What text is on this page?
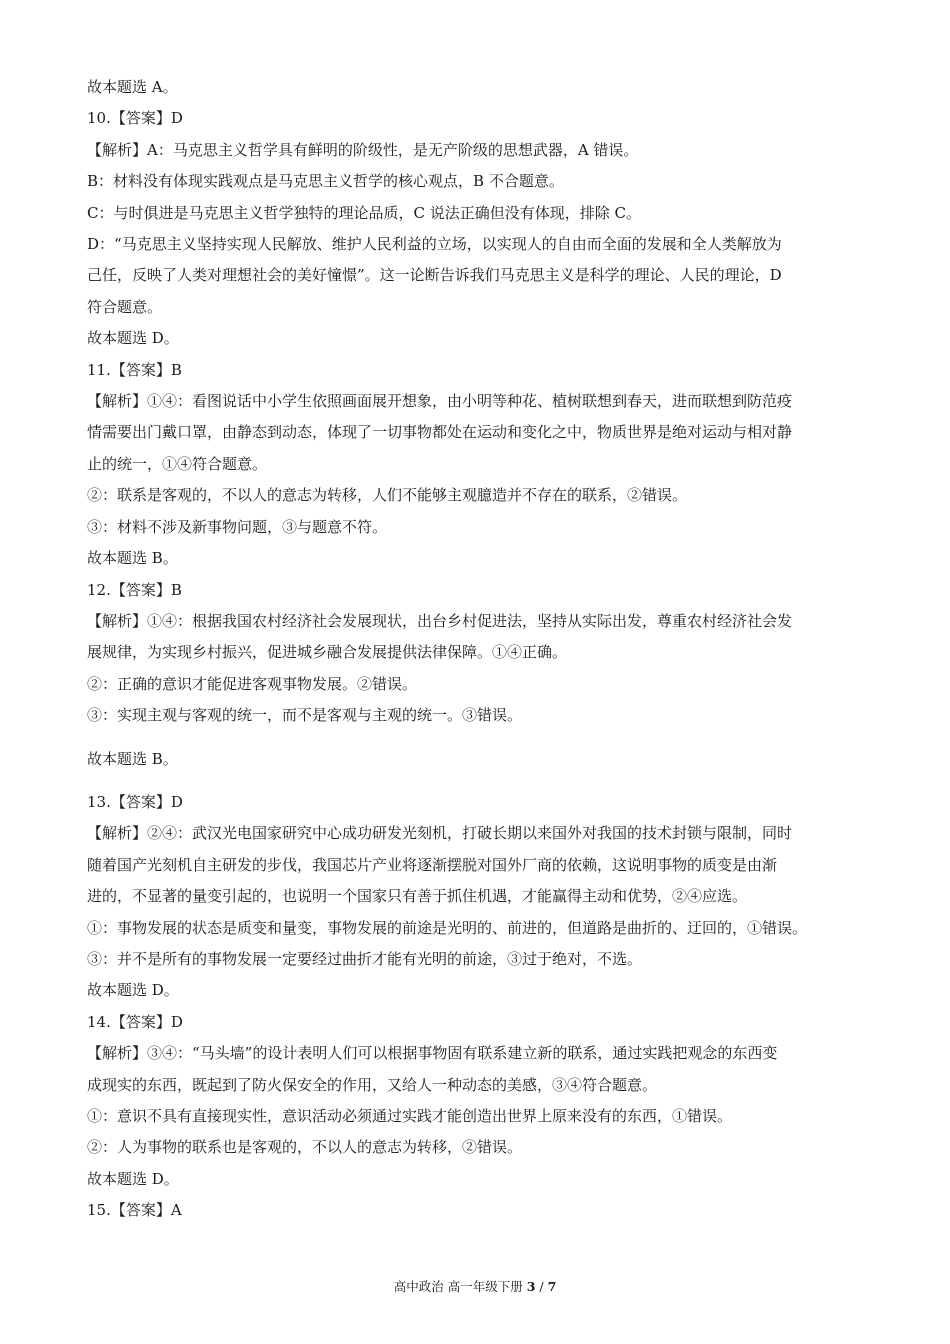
故本题选 A。

10.【答案】D

【解析】A：马克思主义哲学具有鲜明的阶级性，是无产阶级的思想武器，A 错误。

B：材料没有体现实践观点是马克思主义哲学的核心观点，B 不合题意。

C：与时俱进是马克思主义哲学独特的理论品质，C 说法正确但没有体现，排除 C。

D：“马克思主义坚持实现人民解放、维护人民利益的立场，以实现人的自由而全面的发展和全人类解放为

己任，反映了人类对理想社会的美好憧憬”。这一论断告诉我们马克思主义是科学的理论、人民的理论，D

符合题意。

故本题选 D。

11.【答案】B

【解析】①④：看图说话中小学生依照画面展开想象，由小明等种花、植树联想到春天，进而联想到防范疫

情需要出门戴口罩，由静态到动态，体现了一切事物都处在运动和变化之中，物质世界是绝对运动与相对静

止的统一，①④符合题意。

②：联系是客观的，不以人的意志为转移，人们不能够主观臆造并不存在的联系，②错误。

③：材料不涉及新事物问题，③与题意不符。

故本题选 B。

12.【答案】B

【解析】①④：根据我国农村经济社会发展现状，出台乡村促进法，坚持从实际出发，尊重农村经济社会发

展规律，为实现乡村振兴，促进城乡融合发展提供法律保障。①④正确。

②：正确的意识才能促进客观事物发展。②错误。

③：实现主观与客观的统一，而不是客观与主观的统一。③错误。

故本题选 B。

13.【答案】D

【解析】②④：武汉光电国家研究中心成功研发光刻机，打破长期以来国外对我国的技术封锁与限制，同时

随着国产光刻机自主研发的步伐，我国芯片产业将逐渐摆脱对国外厂商的依赖，这说明事物的质变是由渐

进的，不显著的量变引起的，也说明一个国家只有善于抓住机遇，才能赢得主动和优势，②④应选。

①：事物发展的状态是质变和量变，事物发展的前途是光明的、前进的，但道路是曲折的、迂回的，①错误。

③：并不是所有的事物发展一定要经过曲折才能有光明的前途，③过于绝对，不选。

故本题选 D。

14.【答案】D

【解析】③④：“马头墙”的设计表明人们可以根据事物固有联系建立新的联系，通过实践把观念的东西变

成现实的东西，既起到了防火保安全的作用，又给人一种动态的美感，③④符合题意。

①：意识不具有直接现实性，意识活动必须通过实践才能创造出世界上原来没有的东西，①错误。

②：人为事物的联系也是客观的，不以人的意志为转移，②错误。

故本题选 D。

15.【答案】A

高中政治 高一年级下册 3 / 7
